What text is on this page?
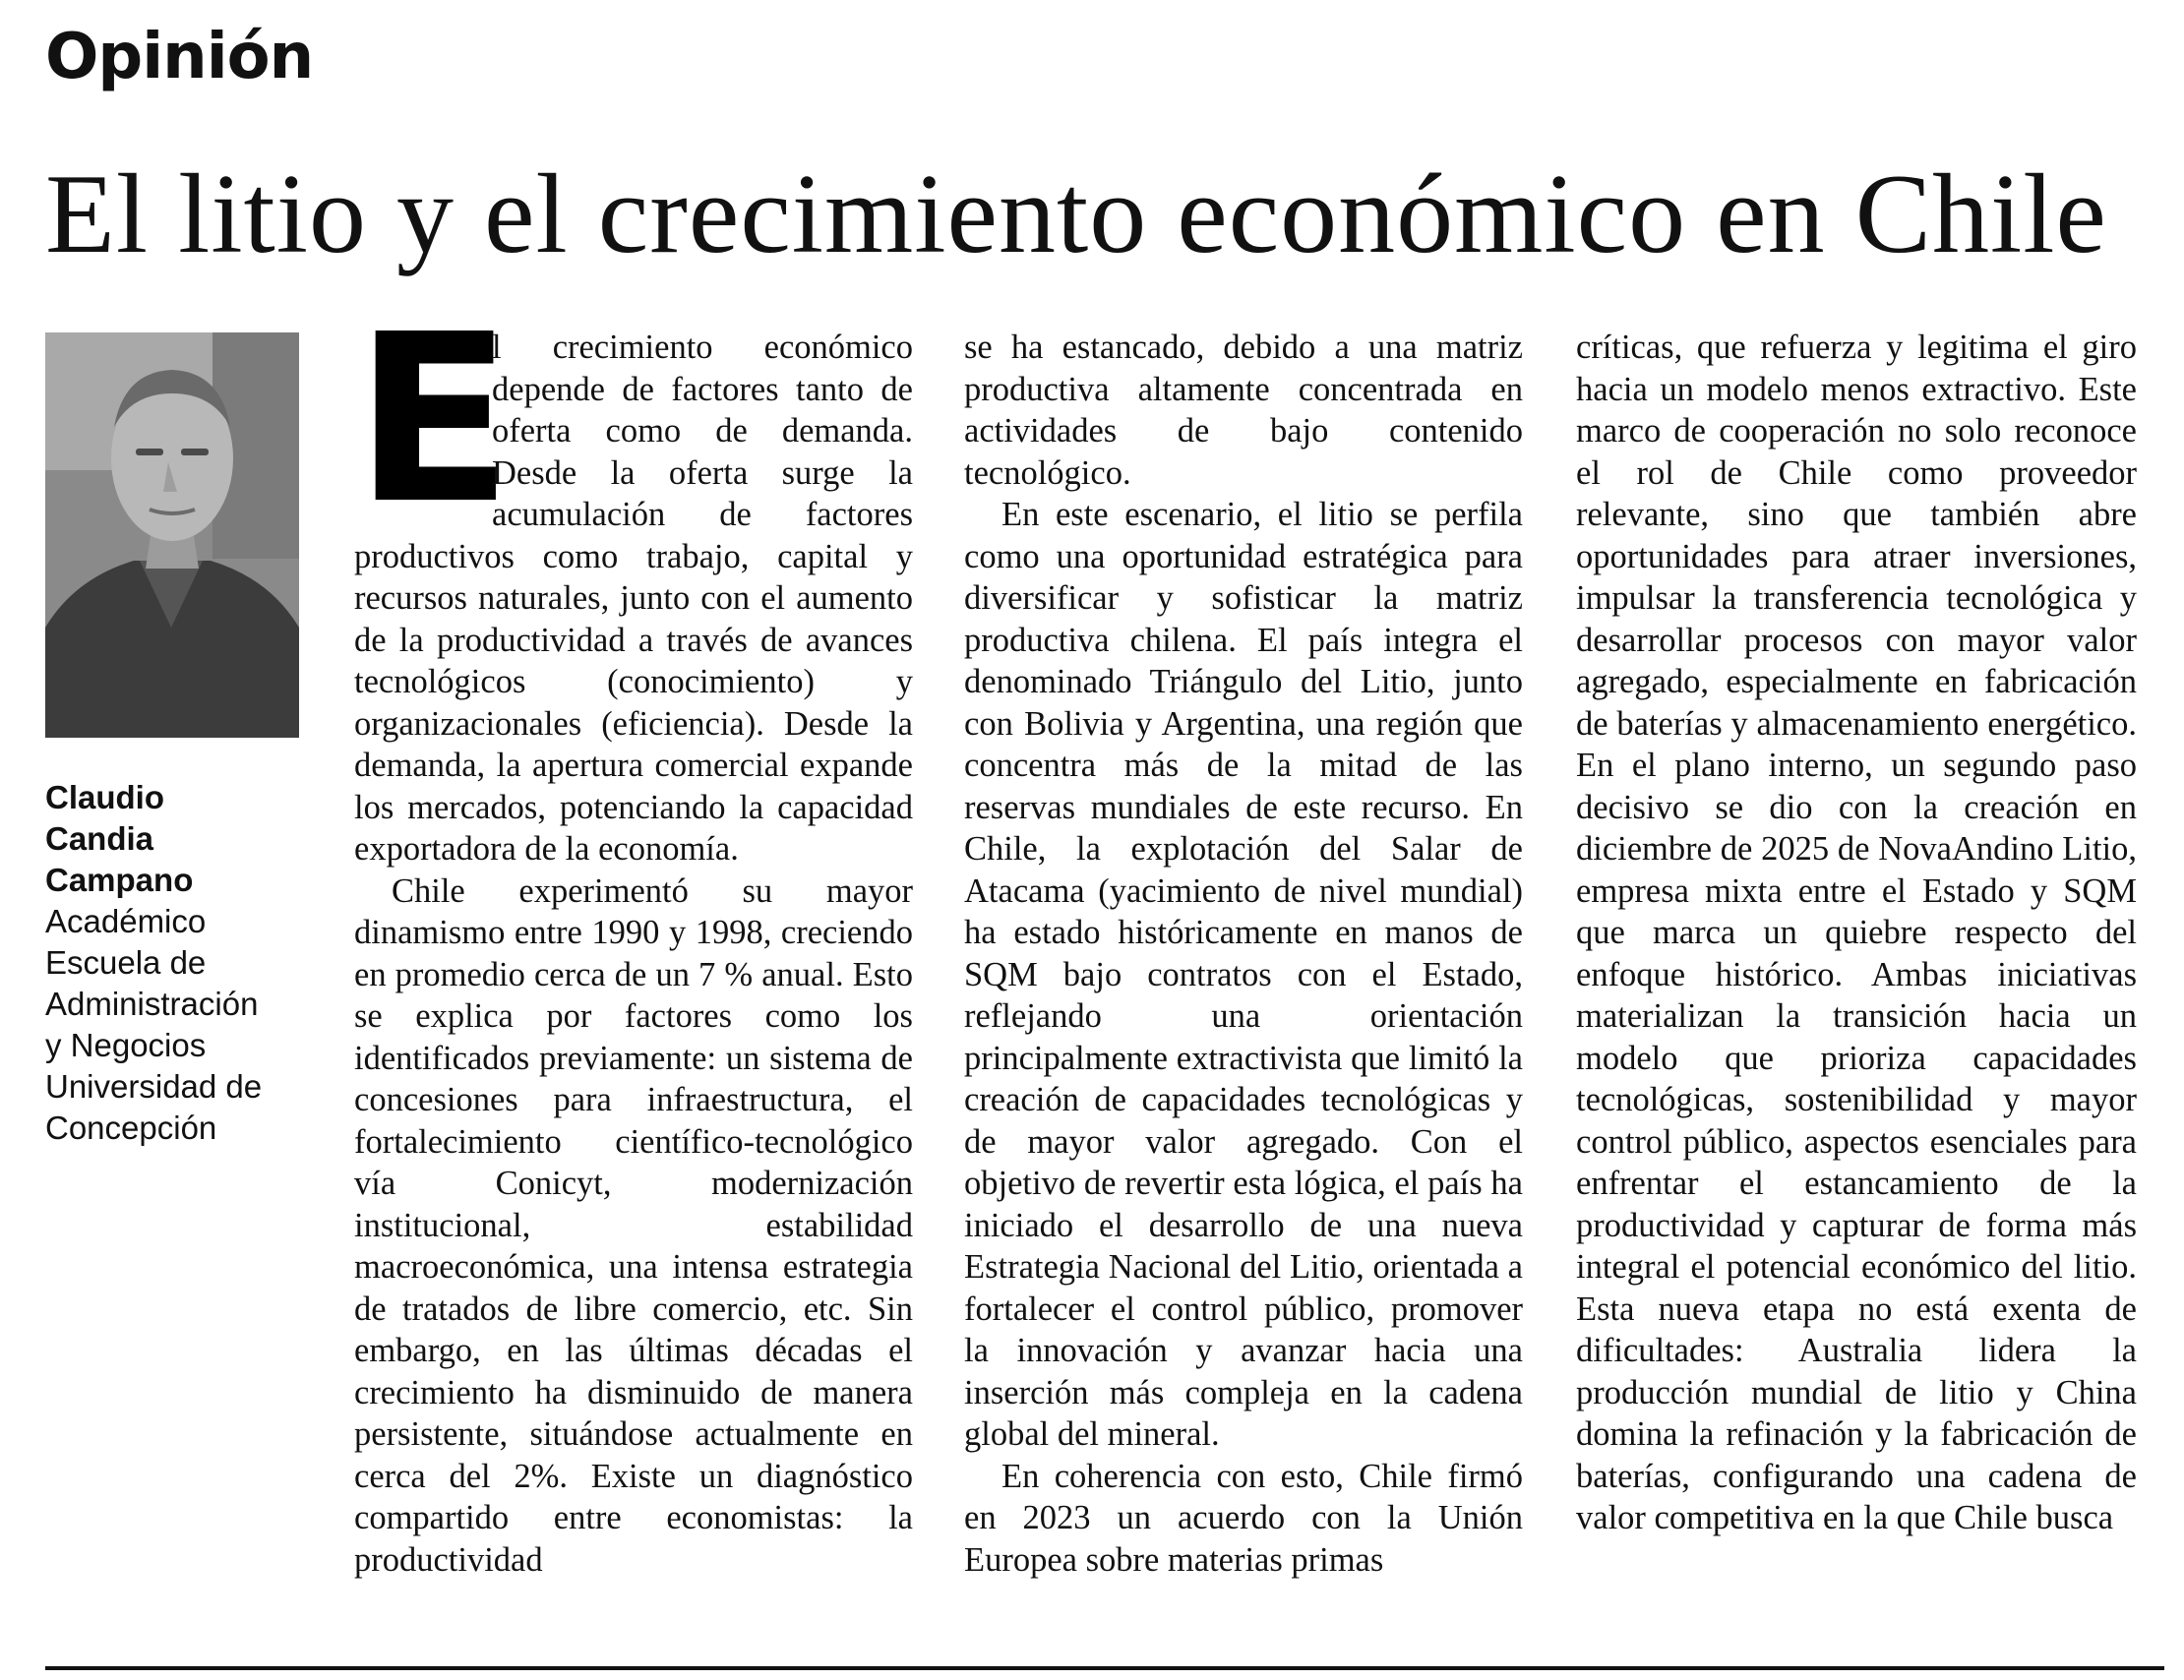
Opinión
El litio y el crecimiento económico en Chile
Claudio
Candia
Campano
Académico
Escuela de
Administración
y Negocios
Universidad de
Concepción

E
l crecimiento económico depende de factores tanto de oferta como de demanda. Desde la oferta surge la acumulación de factores productivos como trabajo, capital y recursos naturales, junto con el aumento de la productividad a través de avances tecnológicos (conocimiento) y organizacionales (eficiencia). Desde la demanda, la apertura comercial expande los mercados, potenciando la capacidad exportadora de la economía.

Chile experimentó su mayor dinamismo entre 1990 y 1998, creciendo en promedio cerca de un 7 % anual. Esto se explica por factores como los identificados previamente: un sistema de concesiones para infraestructura, el fortalecimiento científico-tecnológico vía Conicyt, modernización institucional, estabilidad macroeconómica, una intensa estrategia de tratados de libre comercio, etc. Sin embargo, en las últimas décadas el crecimiento ha disminuido de manera persistente, situándose actualmente en cerca del 2%. Existe un diagnóstico compartido entre economistas: la productividad

se ha estancado, debido a una matriz productiva altamente concentrada en actividades de bajo contenido tecnológico.

En este escenario, el litio se perfila como una oportunidad estratégica para diversificar y sofisticar la matriz productiva chilena. El país integra el denominado Triángulo del Litio, junto con Bolivia y Argentina, una región que concentra más de la mitad de las reservas mundiales de este recurso. En Chile, la explotación del Salar de Atacama (yacimiento de nivel mundial) ha estado históricamente en manos de SQM bajo contratos con el Estado, reflejando una orientación principalmente extractivista que limitó la creación de capacidades tecnológicas y de mayor valor agregado. Con el objetivo de revertir esta lógica, el país ha iniciado el desarrollo de una nueva Estrategia Nacional del Litio, orientada a fortalecer el control público, promover la innovación y avanzar hacia una inserción más compleja en la cadena global del mineral.

En coherencia con esto, Chile firmó en 2023 un acuerdo con la Unión Europea sobre materias primas

críticas, que refuerza y legitima el giro hacia un modelo menos extractivo. Este marco de cooperación no solo reconoce el rol de Chile como proveedor relevante, sino que también abre oportunidades para atraer inversiones, impulsar la transferencia tecnológica y desarrollar procesos con mayor valor agregado, especialmente en fabricación de baterías y almacenamiento energético. En el plano interno, un segundo paso decisivo se dio con la creación en diciembre de 2025 de NovaAndino Litio, empresa mixta entre el Estado y SQM que marca un quiebre respecto del enfoque histórico. Ambas iniciativas materializan la transición hacia un modelo que prioriza capacidades tecnológicas, sostenibilidad y mayor control público, aspectos esenciales para enfrentar el estancamiento de la productividad y capturar de forma más integral el potencial económico del litio. Esta nueva etapa no está exenta de dificultades: Australia lidera la producción mundial de litio y China domina la refinación y la fabricación de baterías, configurando una cadena de valor competitiva en la que Chile busca
